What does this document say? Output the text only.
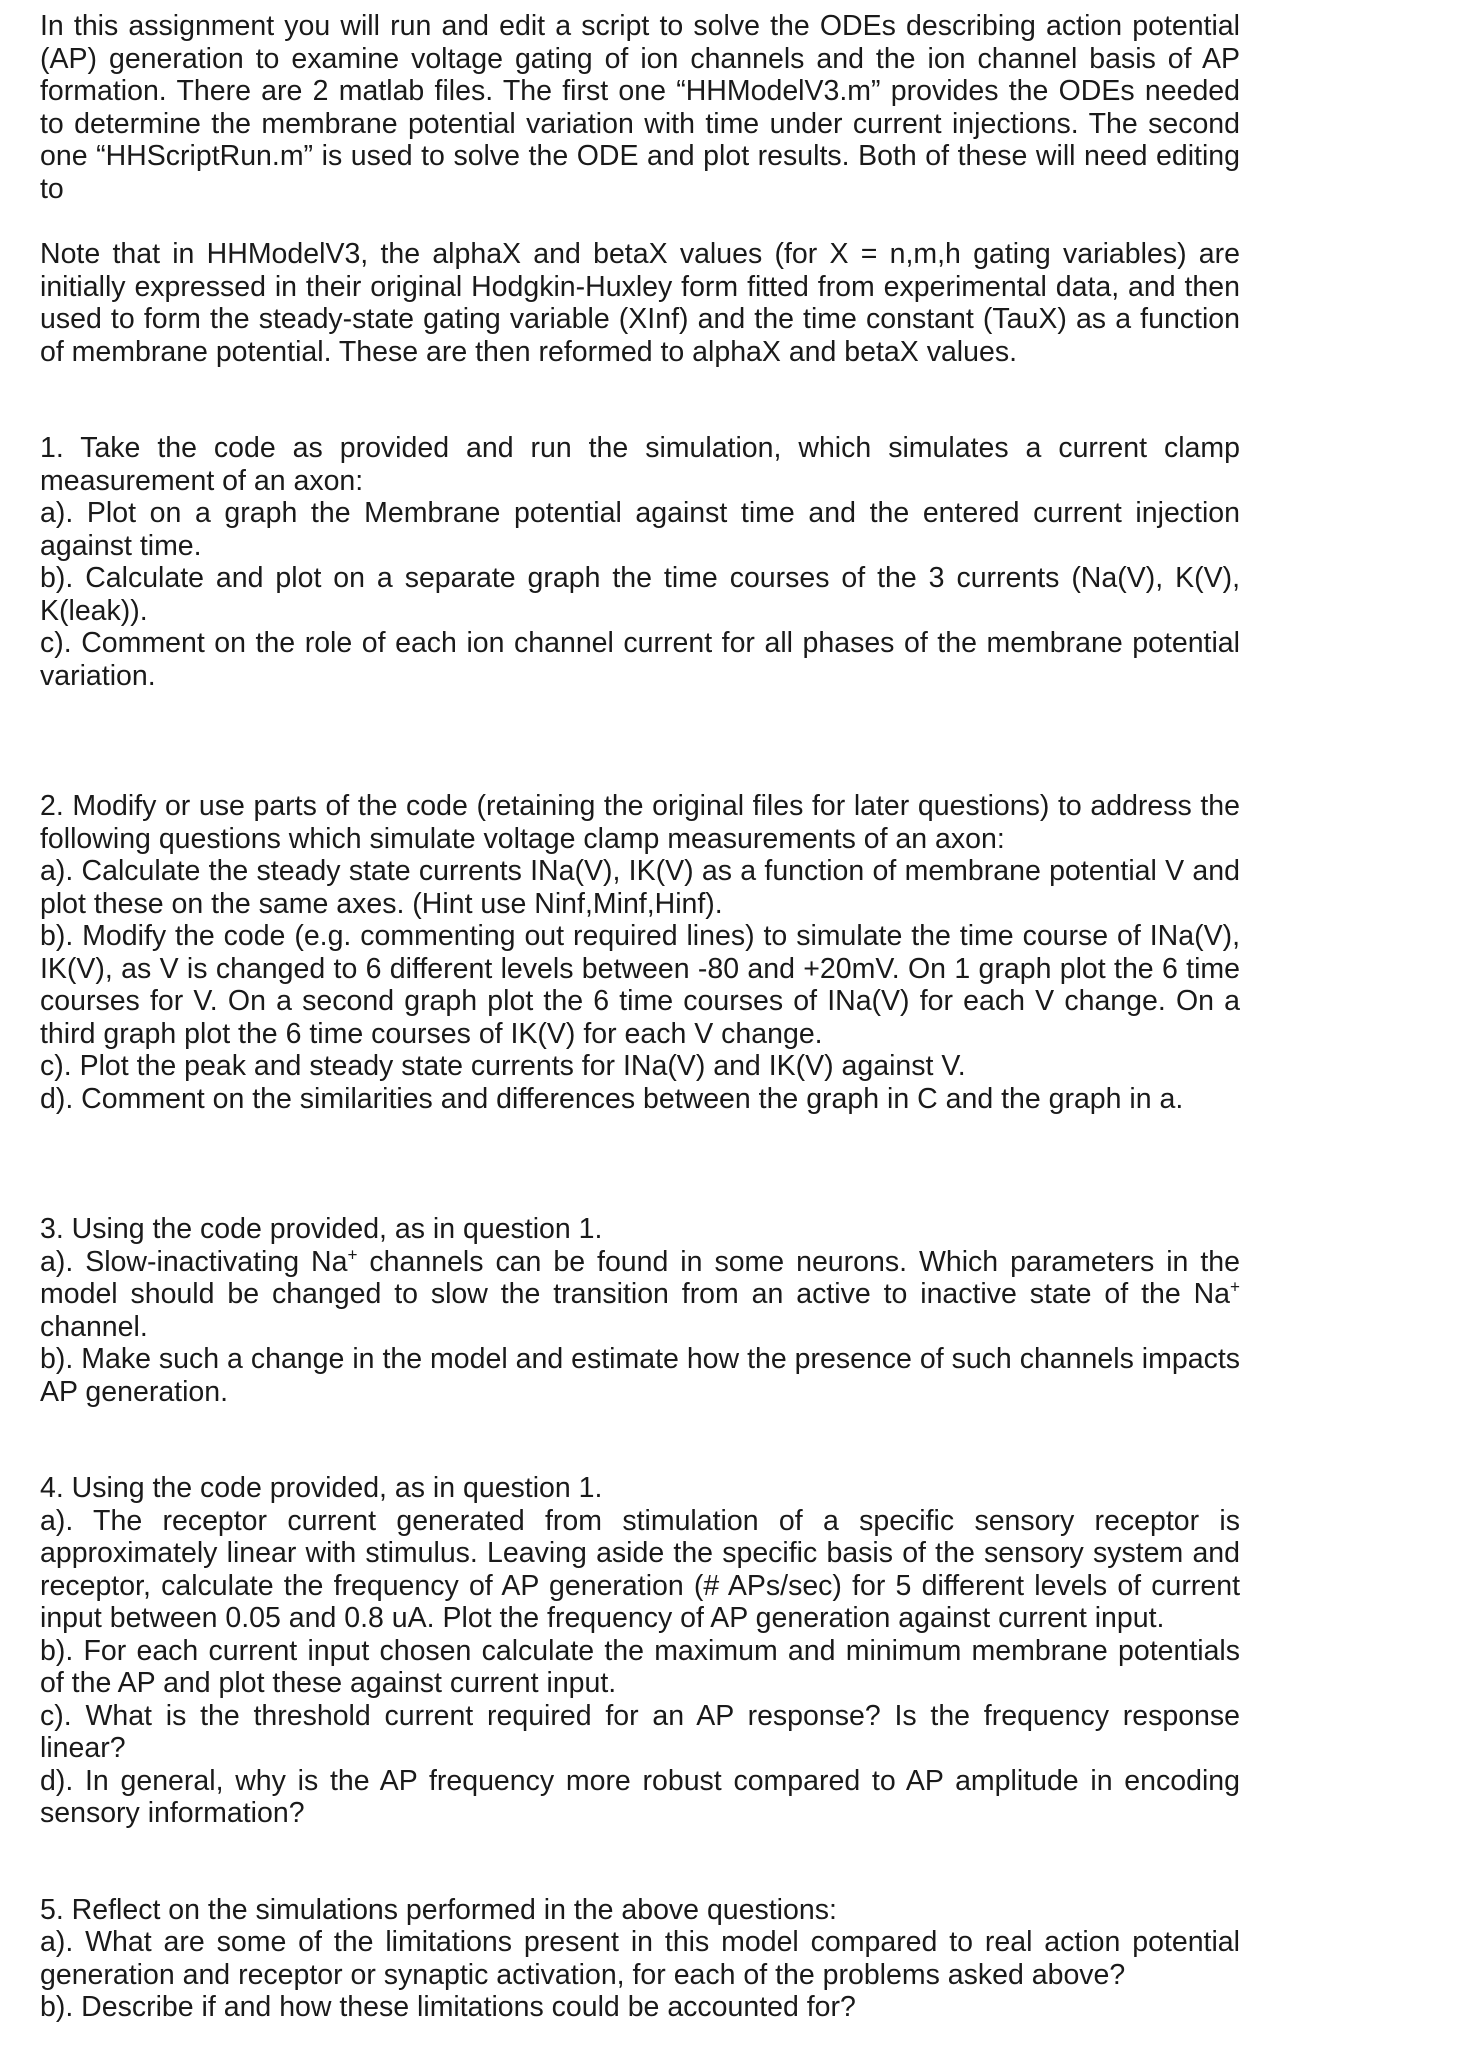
In this assignment you will run and edit a script to solve the ODEs describing action potential (AP) generation to examine voltage gating of ion channels and the ion channel basis of AP formation. There are 2 matlab files. The first one “HHModelV3.m” provides the ODEs needed to determine the membrane potential variation with time under current injections. The second one “HHScriptRun.m” is used to solve the ODE and plot results. Both of these will need editing to
Note that in HHModelV3, the alphaX and betaX values (for X = n,m,h gating variables) are initially expressed in their original Hodgkin-Huxley form fitted from experimental data, and then used to form the steady-state gating variable (XInf) and the time constant (TauX) as a function of membrane potential. These are then reformed to alphaX and betaX values.
1. Take the code as provided and run the simulation, which simulates a current clamp measurement of an axon:
a). Plot on a graph the Membrane potential against time and the entered current injection against time.
b). Calculate and plot on a separate graph the time courses of the 3 currents (Na(V), K(V), K(leak)).
c). Comment on the role of each ion channel current for all phases of the membrane potential variation.
2. Modify or use parts of the code (retaining the original files for later questions) to address the following questions which simulate voltage clamp measurements of an axon:
a). Calculate the steady state currents INa(V), IK(V) as a function of membrane potential V and plot these on the same axes. (Hint use Ninf,Minf,Hinf).
b). Modify the code (e.g. commenting out required lines) to simulate the time course of INa(V), IK(V), as V is changed to 6 different levels between -80 and +20mV. On 1 graph plot the 6 time courses for V. On a second graph plot the 6 time courses of INa(V) for each V change. On a third graph plot the 6 time courses of IK(V) for each V change.
c). Plot the peak and steady state currents for INa(V) and IK(V) against V.
d). Comment on the similarities and differences between the graph in C and the graph in a.
3. Using the code provided, as in question 1.
a). Slow-inactivating Na+ channels can be found in some neurons. Which parameters in the model should be changed to slow the transition from an active to inactive state of the Na+ channel.
b). Make such a change in the model and estimate how the presence of such channels impacts AP generation.
4. Using the code provided, as in question 1.
a). The receptor current generated from stimulation of a specific sensory receptor is approximately linear with stimulus. Leaving aside the specific basis of the sensory system and receptor, calculate the frequency of AP generation (# APs/sec) for 5 different levels of current input between 0.05 and 0.8 uA. Plot the frequency of AP generation against current input.
b). For each current input chosen calculate the maximum and minimum membrane potentials of the AP and plot these against current input.
c). What is the threshold current required for an AP response? Is the frequency response linear?
d). In general, why is the AP frequency more robust compared to AP amplitude in encoding sensory information?
5. Reflect on the simulations performed in the above questions:
a). What are some of the limitations present in this model compared to real action potential generation and receptor or synaptic activation, for each of the problems asked above?
b). Describe if and how these limitations could be accounted for?
